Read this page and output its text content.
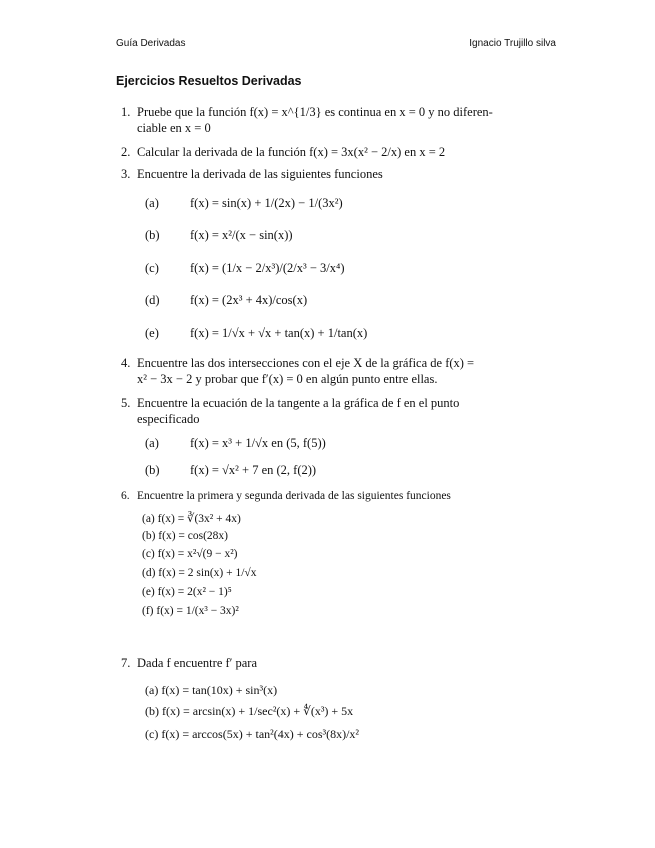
Guía Derivadas	Ignacio Trujillo silva
Ejercicios Resueltos Derivadas
1. Pruebe que la función f(x) = x^{1/3} es continua en x = 0 y no diferen-
ciable en x = 0
2. Calcular la derivada de la función f(x) = 3x(x² − 2/x) en x = 2
3. Encuentre la derivada de las siguientes funciones
(a) f(x) = sin(x) + 1/(2x) − 1/(3x²)
(b) f(x) = x²/(x − sin(x))
(c) f(x) = (1/x − 2/x³)/(2/x³ − 3/x⁴)
(d) f(x) = (2x³ + 4x)/cos(x)
(e) f(x) = 1/√x + √x + tan(x) + 1/tan(x)
4. Encuentre las dos intersecciones con el eje X de la gráfica de f(x) =
x² − 3x − 2 y probar que f′(x) = 0 en algún punto entre ellas.
5. Encuentre la ecuación de la tangente a la gráfica de f en el punto
especificado
(a) f(x) = x³ + 1/√x en (5, f(5))
(b) f(x) = √x² + 7 en (2, f(2))
6. Encuentre la primera y segunda derivada de las siguientes funciones
(a) f(x) = ∛(3x² + 4x)
(b) f(x) = cos(28x)
(c) f(x) = x²√(9 − x²)
(d) f(x) = 2 sin(x) + 1/√x
(e) f(x) = 2(x² − 1)⁵
(f) f(x) = 1/(x³ − 3x)²
7. Dada f encuentre f′ para
(a) f(x) = tan(10x) + sin³(x)
(b) f(x) = arcsin(x) + 1/sec²(x) + ∜(x³) + 5x
(c) f(x) = arccos(5x) + tan²(4x) + cos³(8x)/x²
